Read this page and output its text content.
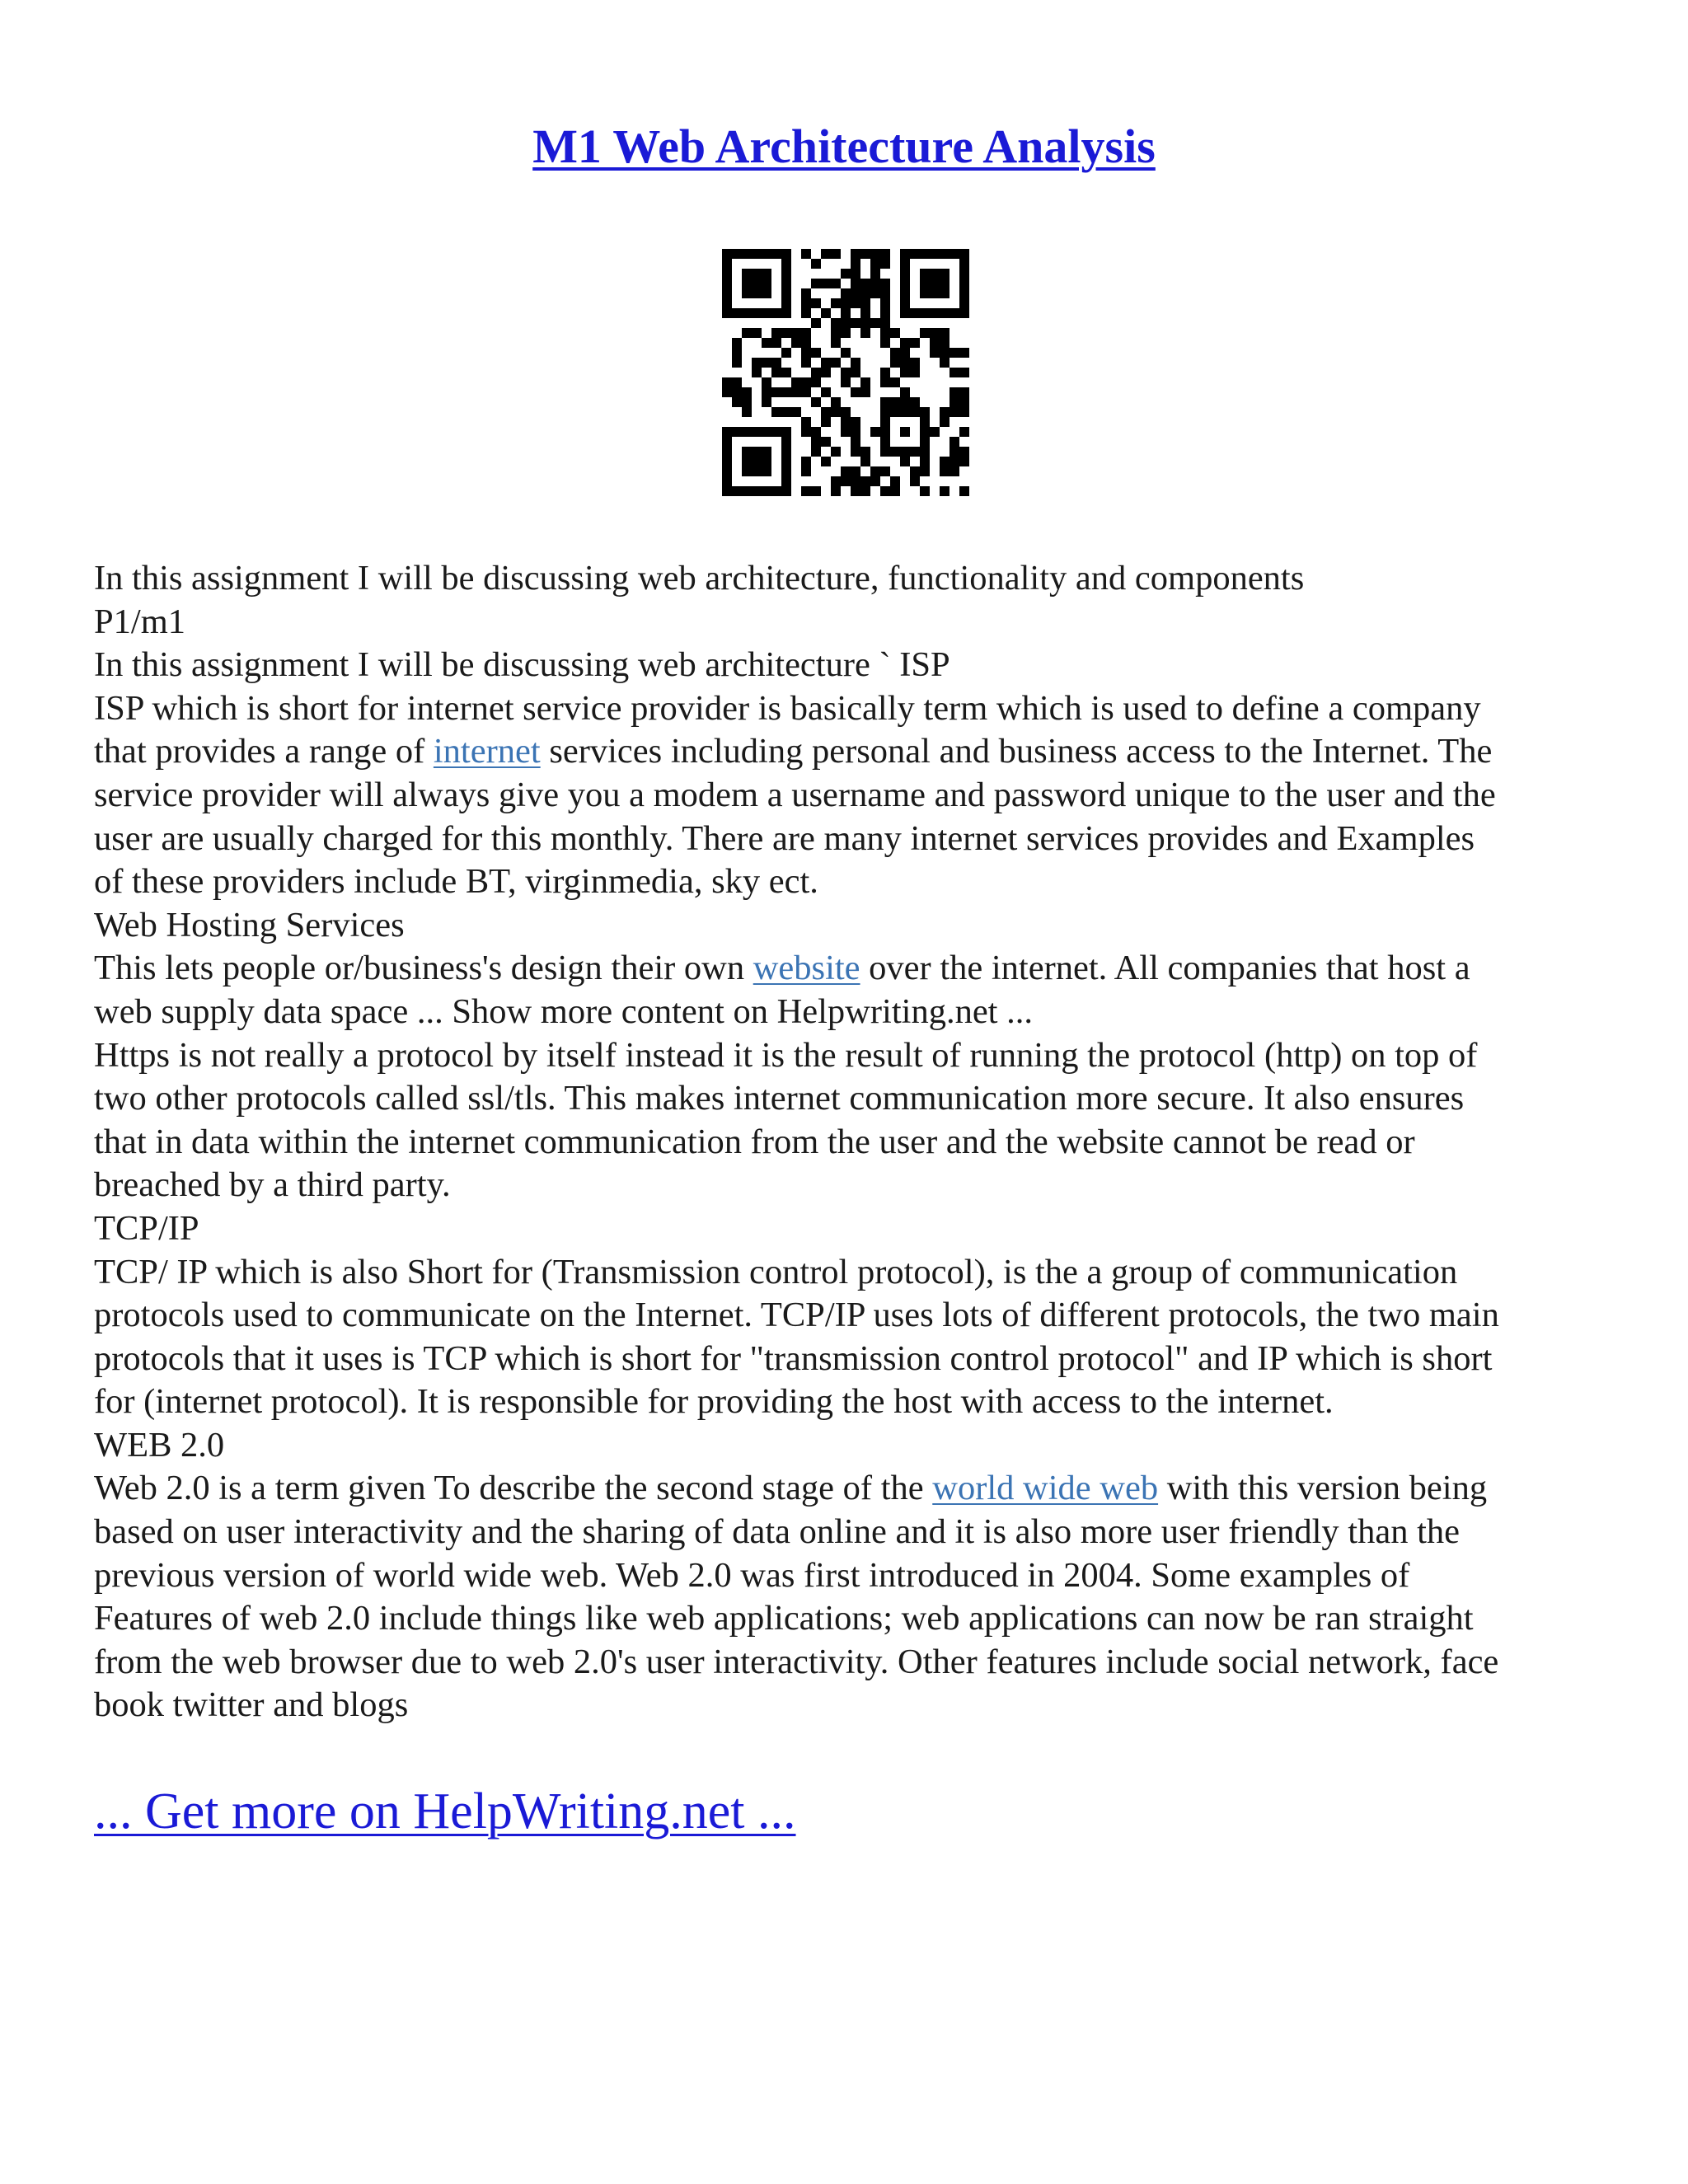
M1 Web Architecture Analysis
In this assignment I will be discussing web architecture, functionality and components
P1/m1
In this assignment I will be discussing web architecture ` ISP
ISP which is short for internet service provider is basically term which is used to define a company
that provides a range of internet services including personal and business access to the Internet. The
service provider will always give you a modem a username and password unique to the user and the
user are usually charged for this monthly. There are many internet services provides and Examples
of these providers include BT, virginmedia, sky ect.
Web Hosting Services
This lets people or/business's design their own website over the internet. All companies that host a
web supply data space ... Show more content on Helpwriting.net ...
Https is not really a protocol by itself instead it is the result of running the protocol (http) on top of
two other protocols called ssl/tls. This makes internet communication more secure. It also ensures
that in data within the internet communication from the user and the website cannot be read or
breached by a third party.
TCP/IP
TCP/ IP which is also Short for (Transmission control protocol), is the a group of communication
protocols used to communicate on the Internet. TCP/IP uses lots of different protocols, the two main
protocols that it uses is TCP which is short for "transmission control protocol" and IP which is short
for (internet protocol). It is responsible for providing the host with access to the internet.
WEB 2.0
Web 2.0 is a term given To describe the second stage of the world wide web with this version being
based on user interactivity and the sharing of data online and it is also more user friendly than the
previous version of world wide web. Web 2.0 was first introduced in 2004. Some examples of
Features of web 2.0 include things like web applications; web applications can now be ran straight
from the web browser due to web 2.0's user interactivity. Other features include social network, face
book twitter and blogs
... Get more on HelpWriting.net ...
